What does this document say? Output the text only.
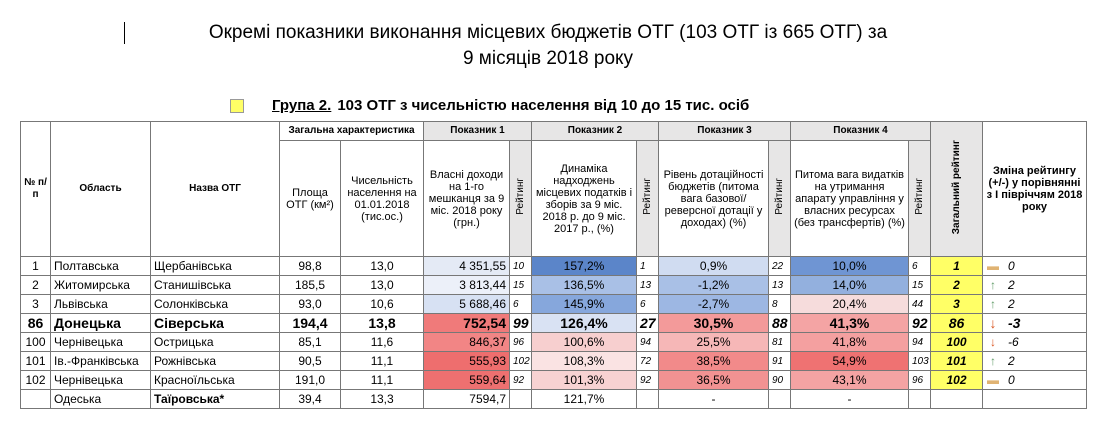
Окремі показники виконання місцевих бюджетів ОТГ (103 ОТГ із 665 ОТГ) за
9 місяців 2018 року
Група 2. 103 ОТГ з чисельністю населення від 10 до 15 тис. осіб
№ п/п	Область	Назва ОТГ	Загальна характеристика		Показник 1		Показник 2		Показник 3		Показник 4		Загальний рейтинг	Зміна рейтингу (+/-) у порівнянні з І півріччям 2018 року
			Площа ОТГ (км²)	Чисельність населення на 01.01.2018 (тис.ос.)	Власні доходи на 1-го мешканця за 9 міс. 2018 року (грн.)	Рейтинг	Динаміка надходжень місцевих податків і зборів за 9 міс. 2018 р. до 9 міс. 2017 р., (%)	Рейтинг	Рівень дотаційності бюджетів (питома вага базової/ реверсної дотації у доходах) (%)	Рейтинг	Питома вага видатків на утримання апарату управління у власних ресурсах (без трансфертів) (%)	Рейтинг		
1	Полтавська	Щербанівська	98,8	13,0	4 351,55	10	157,2%	1	0,9%	22	10,0%	6	1	▬ 0
2	Житомирська	Станишівська	185,5	13,0	3 813,44	15	136,5%	13	-1,2%	13	14,0%	15	2	↑ 2
3	Львівська	Солонківська	93,0	10,6	5 688,46	6	145,9%	6	-2,7%	8	20,4%	44	3	↑ 2
86	Донецька	Сіверська	194,4	13,8	752,54	99	126,4%	27	30,5%	88	41,3%	92	86	↓ -3
100	Чернівецька	Острицька	85,1	11,6	846,37	96	100,6%	94	25,5%	81	41,8%	94	100	↓ -6
101	Ів.-Франківська	Рожнівська	90,5	11,1	555,93	102	108,3%	72	38,5%	91	54,9%	103	101	↑ 2
102	Чернівецька	Красноїльська	191,0	11,1	559,64	92	101,3%	92	36,5%	90	43,1%	96	102	▬ 0
	Одеська	Таїровська*	39,4	13,3	7594,7		121,7%		-		-			
